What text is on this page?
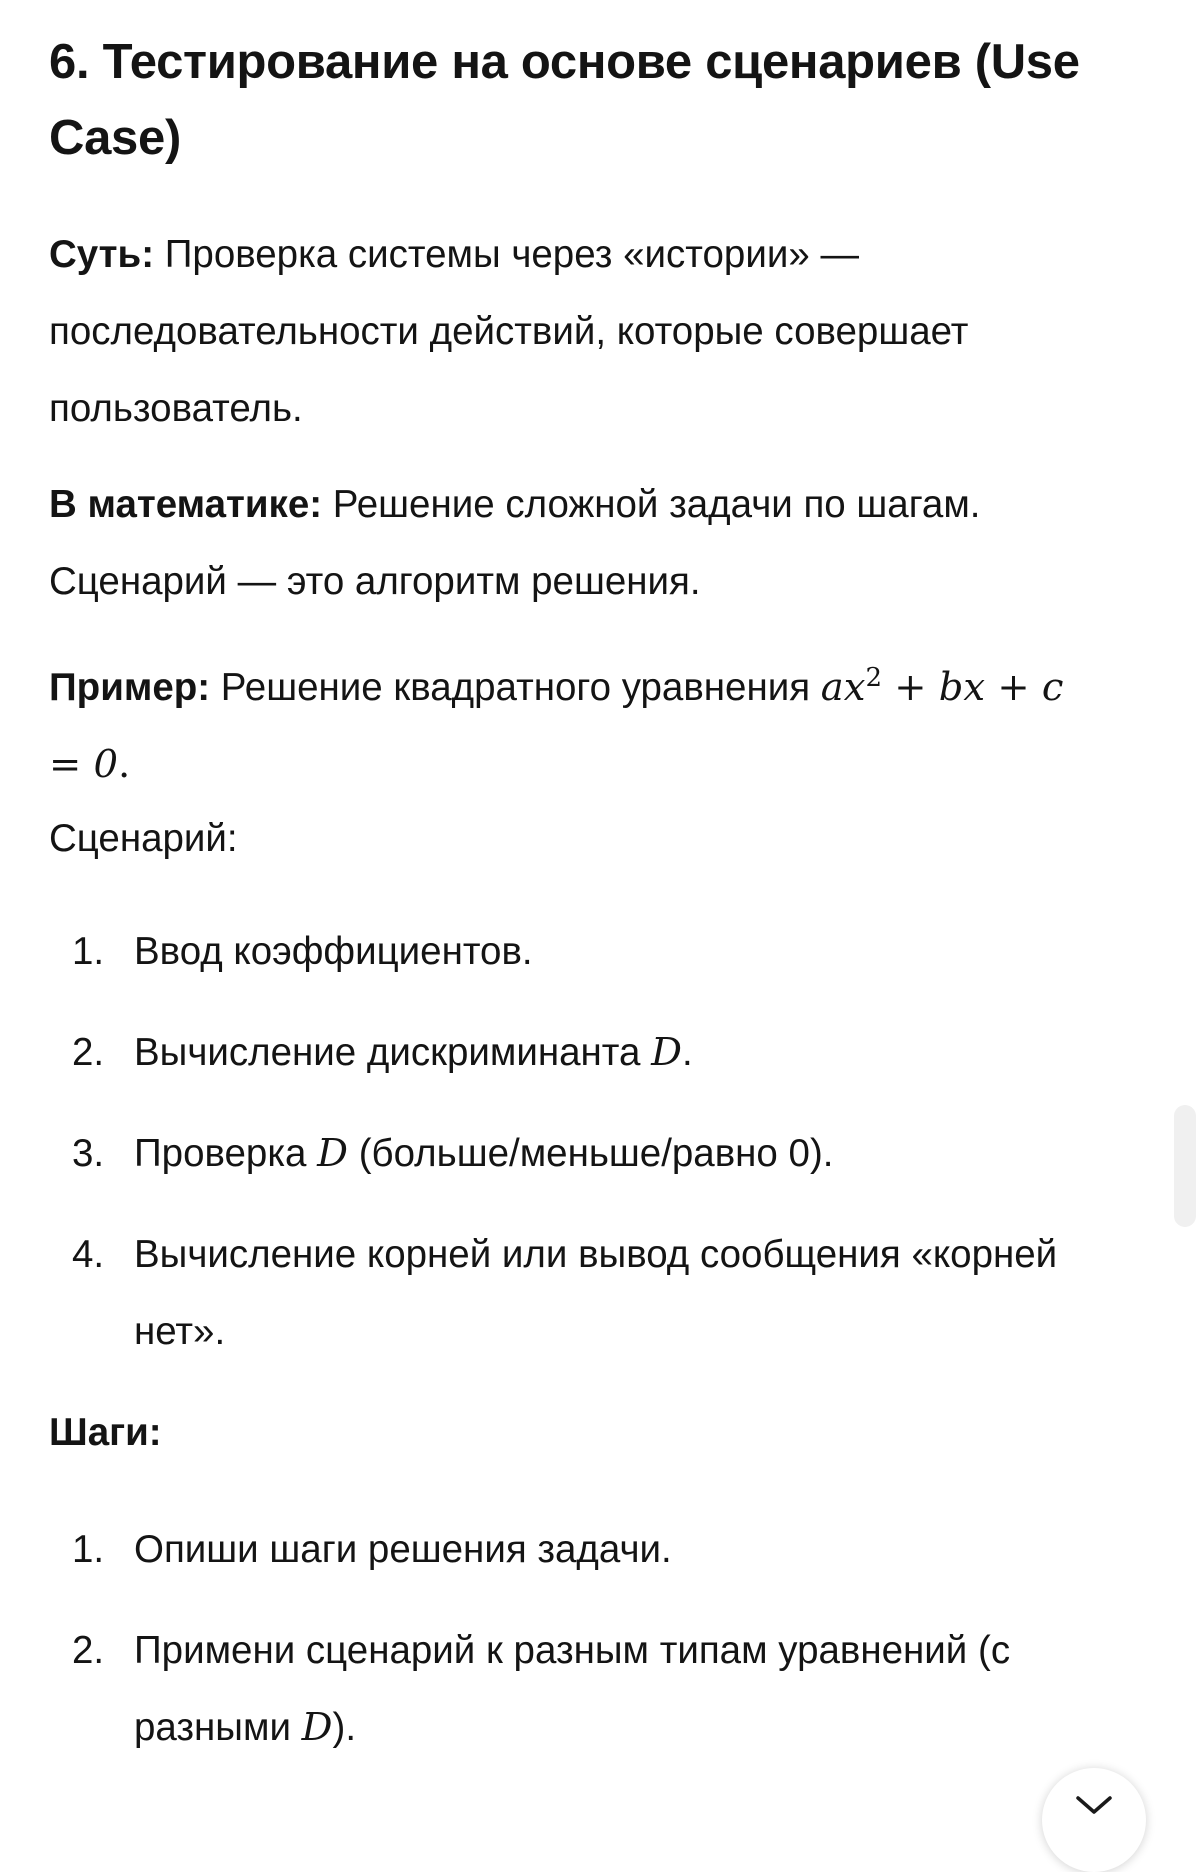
6. Тестирование на основе сценариев (Use Case)

Суть: Проверка системы через «истории» — последовательности действий, которые совершает пользователь.

В математике: Решение сложной задачи по шагам. Сценарий — это алгоритм решения.

Пример: Решение квадратного уравнения $ax^2$ + bx + c = 0.

Сценарий:

1. Ввод коэффициентов.
2. Вычисление дискриминанта D.
3. Проверка D (больше/меньше/равно 0).
4. Вычисление корней или вывод сообщения «корней нет».

Шаги:

1. Опиши шаги решения задачи.
2. Примени сценарий к разным типам уравнений (с разными D).
